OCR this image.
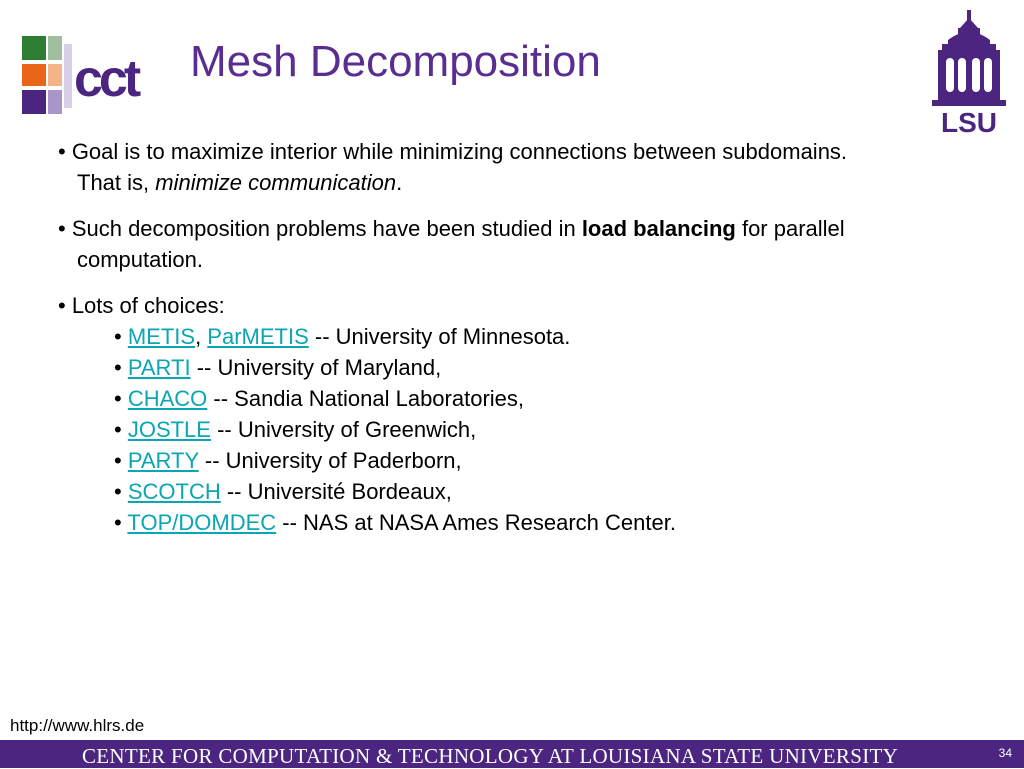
cct Mesh Decomposition
LSU
• Goal is to maximize interior while minimizing connections between subdomains.
That is, minimize communication.
• Such decomposition problems have been studied in load balancing for parallel
computation.
• Lots of choices:
• METIS, ParMETIS -- University of Minnesota.
• PARTI -- University of Maryland,
• CHACO -- Sandia National Laboratories,
• JOSTLE -- University of Greenwich,
• PARTY -- University of Paderborn,
• SCOTCH -- Université Bordeaux,
• TOP/DOMDEC -- NAS at NASA Ames Research Center.
http://www.hlrs.de
CENTER FOR COMPUTATION & TECHNOLOGY AT LOUISIANA STATE UNIVERSITY	34
